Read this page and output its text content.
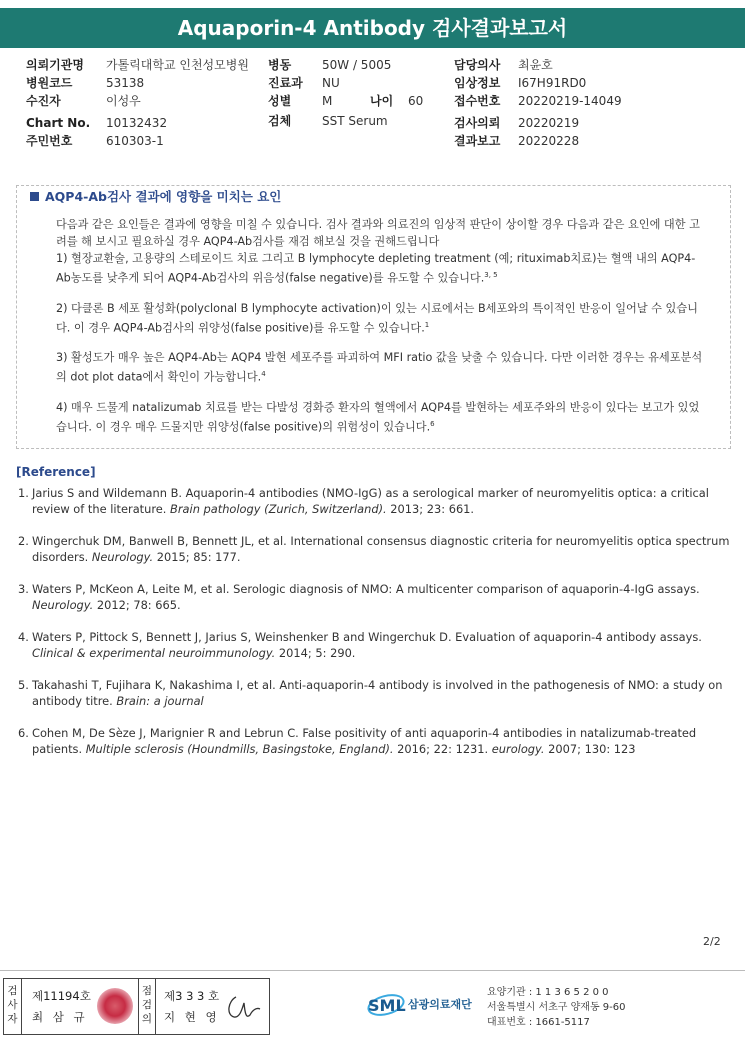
Aquaporin-4 Antibody 검사결과보고서
의뢰기관명 가톨릭대학교 인천성모병원
병원코드	53138
수진자	이성우
Chart No. 10132432
주민번호	610303-1
병동	50W / 5005
진료과 NU
성별	M	나이 60
검체	SST Serum
담당의사 최윤호
임상정보 I67H91RD0
접수번호 20220219-14049
검사의뢰 20220219
결과보고 20220228
AQP4-Ab검사 결과에 영향을 미치는 요인

다음과 같은 요인들은 결과에 영향을 미칠 수 있습니다. 검사 결과와 의료진의 임상적 판단이 상이할 경우 다음과 같은 요인에 대한 고려를 해 보시고 필요하실 경우 AQP4-Ab검사를 재검 해보실 것을 권해드립니다

1) 혈장교환술, 고용량의 스테로이드 치료 그리고 B lymphocyte depleting treatment (예; rituximab치료)는 혈액 내의 AQP4-Ab농도를 낮추게 되어 AQP4-Ab검사의 위음성(false negative)를 유도할 수 있습니다.$^{3, 5}$

2) 다클론 B 세포 활성화(polyclonal B lymphocyte activation)이 있는 시료에서는 B세포와의 특이적인 반응이 일어날 수 있습니다. 이 경우 AQP4-Ab검사의 위양성(false positive)를 유도할 수 있습니다.$^1$

3) 활성도가 매우 높은 AQP4-Ab는 AQP4 발현 세포주를 파괴하여 MFI ratio 값을 낮출 수 있습니다. 다만 이러한 경우는 유세포분석의 dot plot data에서 확인이 가능합니다.$^4$

4) 매우 드물게 natalizumab 치료를 받는 다발성 경화증 환자의 혈액에서 AQP4를 발현하는 세포주와의 반응이 있다는 보고가 있었습니다. 이 경우 매우 드물지만 위양성(false positive)의 위험성이 있습니다.$^6$

[Reference]
1. Jarius S and Wildemann B. Aquaporin-4 antibodies (NMO-IgG) as a serological marker of neuromyelitis optica: a critical review of the literature. Brain pathology (Zurich, Switzerland). 2013; 23: 661.
2. Wingerchuk DM, Banwell B, Bennett JL, et al. International consensus diagnostic criteria for neuromyelitis optica spectrum disorders. Neurology. 2015; 85: 177.
3. Waters P, McKeon A, Leite M, et al. Serologic diagnosis of NMO: A multicenter comparison of aquaporin-4-IgG assays. Neurology. 2012; 78: 665.
4. Waters P, Pittock S, Bennett J, Jarius S, Weinshenker B and Wingerchuk D. Evaluation of aquaporin-4 antibody assays. Clinical & experimental neuroimmunology. 2014; 5: 290.
5. Takahashi T, Fujihara K, Nakashima I, et al. Anti-aquaporin-4 antibody is involved in the pathogenesis of NMO: a study on antibody titre. Brain: a journal
6. Cohen M, De Sèze J, Marignier R and Lebrun C. False positivity of anti aquaporin-4 antibodies in natalizumab-treated patients. Multiple sclerosis (Houndmills, Basingstoke, England). 2016; 22: 1231. eurology. 2007; 130: 123
2/2
검사자
제11194호
최 삼 규
점검의
제3 3 3 호
지 현 영
SML 삼광의료재단
요양기관 : 1 1 3 6 5 2 0 0
서울특별시 서초구 양재동 9-60
대표번호 : 1661-5117
